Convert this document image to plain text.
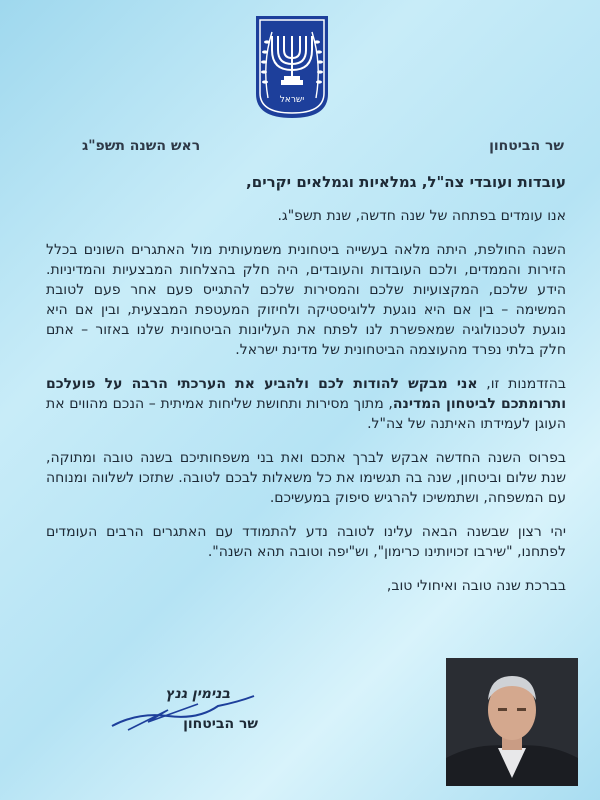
ישראל
שר הביטחון
ראש השנה תשפ"ג

עובדות ועובדי צה"ל, גמלאיות וגמלאים יקרים,

אנו עומדים בפתחה של שנה חדשה, שנת תשפ"ג.

השנה החולפת, היתה מלאה בעשייה ביטחונית משמעותית מול האתגרים השונים בכלל הזירות והממדים, ולכם העובדות והעובדים, היה חלק בהצלחות המבצעיות והמדיניות. הידע שלכם, המקצועיות שלכם והמסירות שלכם להתגייס פעם אחר פעם לטובת המשימה – בין אם היא נוגעת ללוגיסטיקה ולחיזוק המעטפת המבצעית, ובין אם היא נוגעת לטכנולוגיה שמאפשרת לנו לפתח את העליונות הביטחונית שלנו באזור – אתם חלק בלתי נפרד מהעוצמה הביטחונית של מדינת ישראל.

בהזדמנות זו, אני מבקש להודות לכם ולהביע את הערכתי הרבה על פועלכם ותרומתכם לביטחון המדינה, מתוך מסירות ותחושת שליחות אמיתית – הנכם מהווים את העוגן לעמידתו האיתנה של צה"ל.

בפרוס השנה החדשה אבקש לברך אתכם ואת בני משפחותיכם בשנה טובה ומתוקה, שנת שלום וביטחון, שנה בה תגשימו את כל משאלות לבכם לטובה. שתזכו לשלווה ומנוחה עם המשפחה, ושתמשיכו להרגיש סיפוק במעשיכם.

יהי רצון שבשנה הבאה עלינו לטובה נדע להתמודד עם האתגרים הרבים העומדים לפתחנו, "שירבו זכויותינו כרימון", וש"יפה וטובה תהא השנה".

בברכת שנה טובה ואיחולי טוב,

בנימין גנץ
שר הביטחון
